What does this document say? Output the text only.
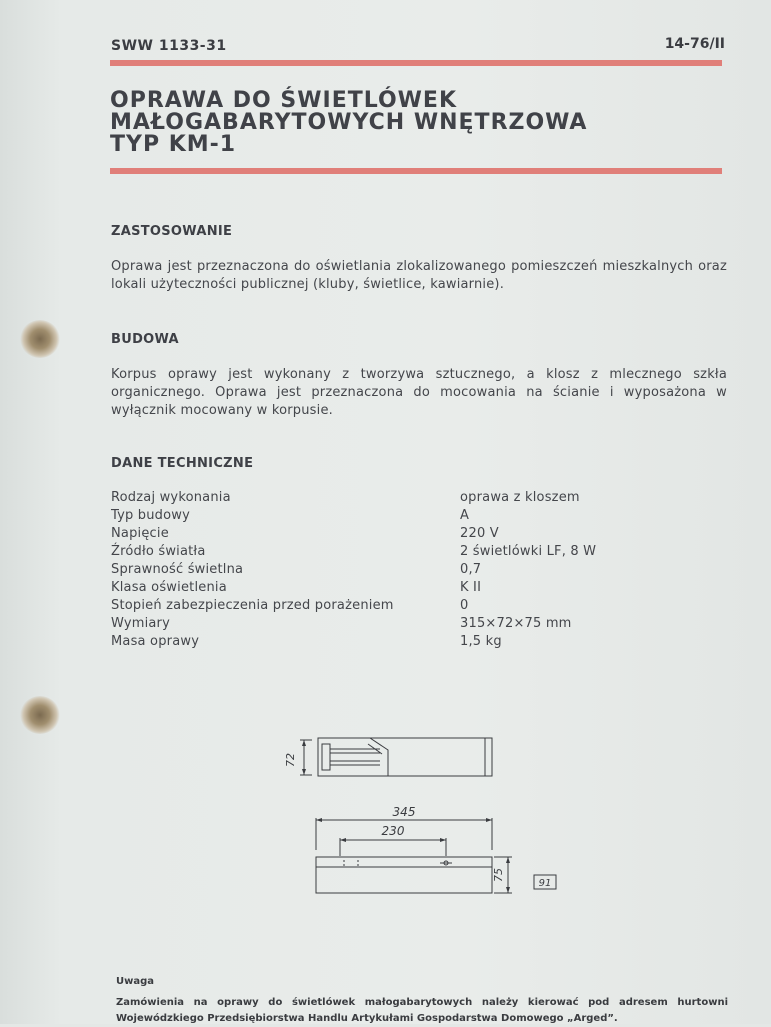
SWW 1133-31	14-76/II
OPRAWA DO ŚWIETLÓWEK
MAŁOGABARYTOWYCH WNĘTRZOWA
TYP KM-1
ZASTOSOWANIE

Oprawa jest przeznaczona do oświetlania zlokalizowanego pomieszczeń mieszkalnych oraz lokali użyteczności publicznej (kluby, świetlice, kawiarnie).

BUDOWA

Korpus oprawy jest wykonany z tworzywa sztucznego, a klosz z mlecznego szkła organicznego. Oprawa jest przeznaczona do mocowania na ścianie i wyposażona w wyłącznik mocowany w korpusie.

DANE TECHNICZNE
Rodzaj wykonania	oprawa z kloszem
Typ budowy	A
Napięcie	220 V
Źródło światła	2 świetlówki LF, 8 W
Sprawność świetlna	0,7
Klasa oświetlenia	K II
Stopień zabezpieczenia przed porażeniem	0
Wymiary	315×72×75 mm
Masa oprawy	1,5 kg
72
345
230
75
91
Uwaga

Zamówienia na oprawy do świetlówek małogabarytowych należy kierować pod adresem hurtowni Wojewódzkiego Przedsiębiorstwa Handlu Artykułami Gospodarstwa Domowego „Arged”.
